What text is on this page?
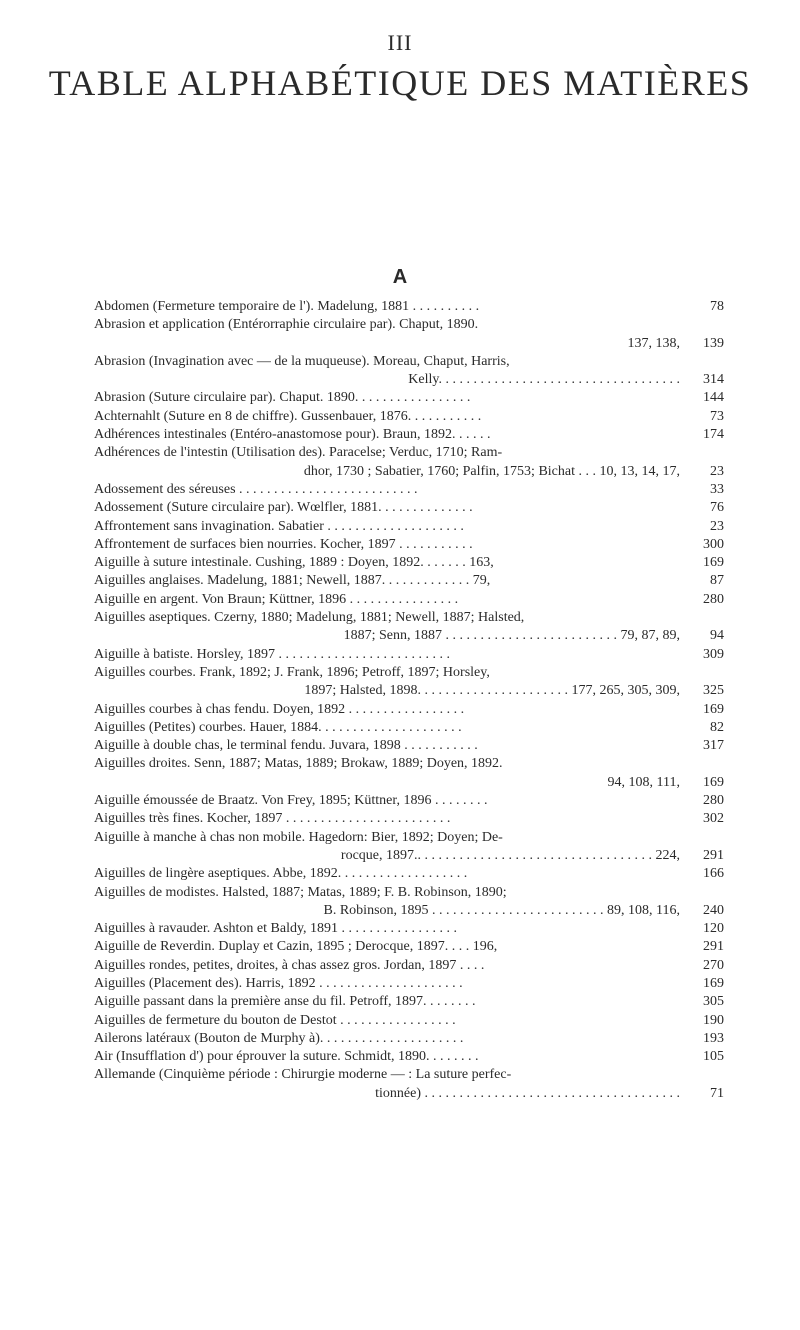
III
TABLE ALPHABÉTIQUE DES MATIÈRES
A
Abdomen (Fermeture temporaire de l'). Madelung, 1881 . . . . . . . . . .	78
Abrasion et application (Entérorraphie circulaire par). Chaput, 1890.
137, 138,	139
Abrasion (Invagination avec — de la muqueuse). Moreau, Chaput, Harris,
Kelly. . . . . . . . . . . . . . . . . . . . . . . . . . . . . . . . . . .	314
Abrasion (Suture circulaire par). Chaput. 1890. . . . . . . . . . . . . . . . .	144
Achternahlt (Suture en 8 de chiffre). Gussenbauer, 1876. . . . . . . . . . .	73
Adhérences intestinales (Entéro-anastomose pour). Braun, 1892. . . . . .	174
Adhérences de l'intestin (Utilisation des). Paracelse; Verduc, 1710; Ram-
dhor, 1730 ; Sabatier, 1760; Palfin, 1753; Bichat . . . 10, 13, 14, 17,	23
Adossement des séreuses . . . . . . . . . . . . . . . . . . . . . . . . . .	33
Adossement (Suture circulaire par). Wœlfler, 1881. . . . . . . . . . . . . .	76
Affrontement sans invagination. Sabatier . . . . . . . . . . . . . . . . . . . .	23
Affrontement de surfaces bien nourries. Kocher, 1897 . . . . . . . . . . .	300
Aiguille à suture intestinale. Cushing, 1889 : Doyen, 1892. . . . . . . 163,	169
Aiguilles anglaises. Madelung, 1881; Newell, 1887. . . . . . . . . . . . . 79,	87
Aiguille en argent. Von Braun; Küttner, 1896 . . . . . . . . . . . . . . . .	280
Aiguilles aseptiques. Czerny, 1880; Madelung, 1881; Newell, 1887; Halsted,
1887; Senn, 1887 . . . . . . . . . . . . . . . . . . . . . . . . . 79, 87, 89,	94
Aiguille à batiste. Horsley, 1897 . . . . . . . . . . . . . . . . . . . . . . . . .	309
Aiguilles courbes. Frank, 1892; J. Frank, 1896; Petroff, 1897; Horsley,
1897; Halsted, 1898. . . . . . . . . . . . . . . . . . . . . . 177, 265, 305, 309,	325
Aiguilles courbes à chas fendu. Doyen, 1892 . . . . . . . . . . . . . . . . .	169
Aiguilles (Petites) courbes. Hauer, 1884. . . . . . . . . . . . . . . . . . . . .	82
Aiguille à double chas, le terminal fendu. Juvara, 1898 . . . . . . . . . . .	317
Aiguilles droites. Senn, 1887; Matas, 1889; Brokaw, 1889; Doyen, 1892.
94, 108, 111,	169
Aiguille émoussée de Braatz. Von Frey, 1895; Küttner, 1896 . . . . . . . .	280
Aiguilles très fines. Kocher, 1897 . . . . . . . . . . . . . . . . . . . . . . . .	302
Aiguille à manche à chas non mobile. Hagedorn: Bier, 1892; Doyen; De-
rocque, 1897.. . . . . . . . . . . . . . . . . . . . . . . . . . . . . . . . . . 224,	291
Aiguilles de lingère aseptiques. Abbe, 1892. . . . . . . . . . . . . . . . . . .	166
Aiguilles de modistes. Halsted, 1887; Matas, 1889; F. B. Robinson, 1890;
B. Robinson, 1895 . . . . . . . . . . . . . . . . . . . . . . . . . 89, 108, 116,	240
Aiguilles à ravauder. Ashton et Baldy, 1891 . . . . . . . . . . . . . . . . .	120
Aiguille de Reverdin. Duplay et Cazin, 1895 ; Derocque, 1897. . . . 196,	291
Aiguilles rondes, petites, droites, à chas assez gros. Jordan, 1897 . . . .	270
Aiguilles (Placement des). Harris, 1892 . . . . . . . . . . . . . . . . . . . . .	169
Aiguille passant dans la première anse du fil. Petroff, 1897. . . . . . . .	305
Aiguilles de fermeture du bouton de Destot . . . . . . . . . . . . . . . . .	190
Ailerons latéraux (Bouton de Murphy à). . . . . . . . . . . . . . . . . . . . .	193
Air (Insufflation d') pour éprouver la suture. Schmidt, 1890. . . . . . . .	105
Allemande (Cinquième période : Chirurgie moderne — : La suture perfec-
tionnée) . . . . . . . . . . . . . . . . . . . . . . . . . . . . . . . . . . . . .	71
